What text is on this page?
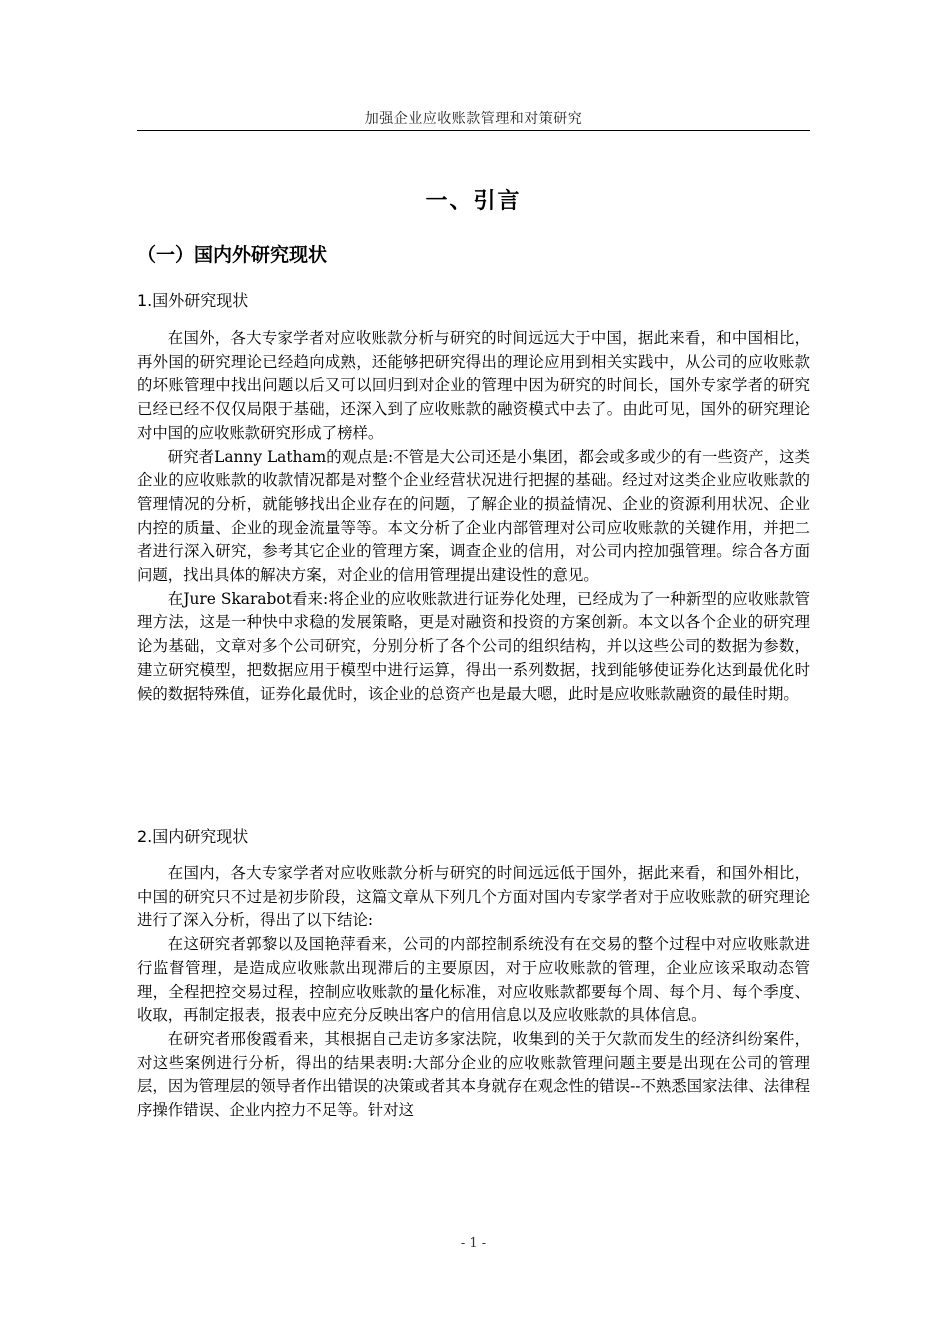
加强企业应收账款管理和对策研究
一、引言
（一）国内外研究现状
1.国外研究现状

在国外，各大专家学者对应收账款分析与研究的时间远远大于中国，据此来看，和中国相比，再外国的研究理论已经趋向成熟，还能够把研究得出的理论应用到相关实践中，从公司的应收账款的坏账管理中找出问题以后又可以回归到对企业的管理中因为研究的时间长，国外专家学者的研究已经已经不仅仅局限于基础，还深入到了应收账款的融资模式中去了。由此可见，国外的研究理论对中国的应收账款研究形成了榜样。

研究者Lanny Latham的观点是:不管是大公司还是小集团，都会或多或少的有一些资产，这类企业的应收账款的收款情况都是对整个企业经营状况进行把握的基础。经过对这类企业应收账款的管理情况的分析，就能够找出企业存在的问题，了解企业的损益情况、企业的资源利用状况、企业内控的质量、企业的现金流量等等。本文分析了企业内部管理对公司应收账款的关键作用，并把二者进行深入研究，参考其它企业的管理方案，调查企业的信用，对公司内控加强管理。综合各方面问题，找出具体的解决方案，对企业的信用管理提出建设性的意见。

在Jure Skarabot看来:将企业的应收账款进行证券化处理，已经成为了一种新型的应收账款管理方法，这是一种快中求稳的发展策略，更是对融资和投资的方案创新。本文以各个企业的研究理论为基础，文章对多个公司研究，分别分析了各个公司的组织结构，并以这些公司的数据为参数，建立研究模型，把数据应用于模型中进行运算，得出一系列数据，找到能够使证券化达到最优化时候的数据特殊值，证券化最优时，该企业的总资产也是最大嗯，此时是应收账款融资的最佳时期。

2.国内研究现状

在国内，各大专家学者对应收账款分析与研究的时间远远低于国外，据此来看，和国外相比，中国的研究只不过是初步阶段，这篇文章从下列几个方面对国内专家学者对于应收账款的研究理论进行了深入分析，得出了以下结论:

在这研究者郭黎以及国艳萍看来，公司的内部控制系统没有在交易的整个过程中对应收账款进行监督管理，是造成应收账款出现滞后的主要原因，对于应收账款的管理，企业应该采取动态管理，全程把控交易过程，控制应收账款的量化标准，对应收账款都要每个周、每个月、每个季度、收取，再制定报表，报表中应充分反映出客户的信用信息以及应收账款的具体信息。

在研究者邢俊霞看来，其根据自己走访多家法院，收集到的关于欠款而发生的经济纠纷案件，对这些案例进行分析，得出的结果表明:大部分企业的应收账款管理问题主要是出现在公司的管理层，因为管理层的领导者作出错误的决策或者其本身就存在观念性的错误--不熟悉国家法律、法律程序操作错误、企业内控力不足等。针对这

- 1 -
